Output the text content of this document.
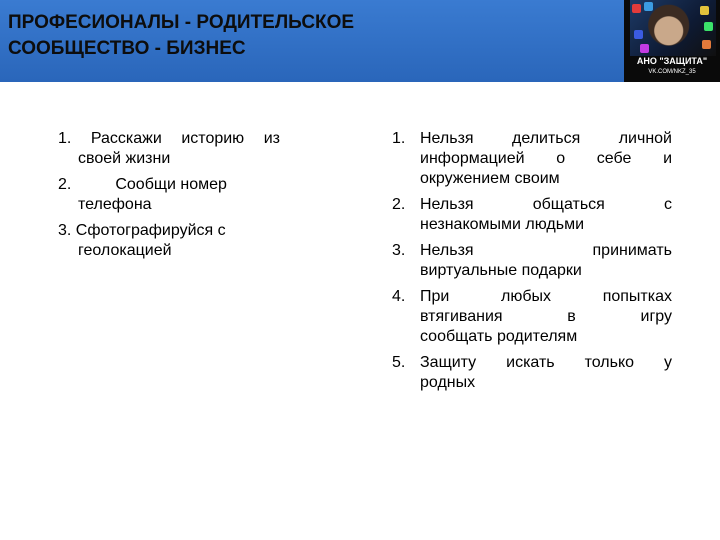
ПРОФЕСИОНАЛЫ - РОДИТЕЛЬСКОЕ
СООБЩЕСТВО - БИЗНЕС
АНО "ЗАЩИТА"
VK.COM/NKZ_35
1. Расскажи историю из
своей жизни
2.	Сообщи номер
телефона
3. Сфотографируйся с
геолокацией
1. Нельзя делиться личной
информацией о себе и
окружением своим
2. Нельзя общаться с
незнакомыми людьми
3. Нельзя принимать
виртуальные подарки
4. При любых попытках
втягивания в игру
сообщать родителям
5. Защиту искать только у
родных
